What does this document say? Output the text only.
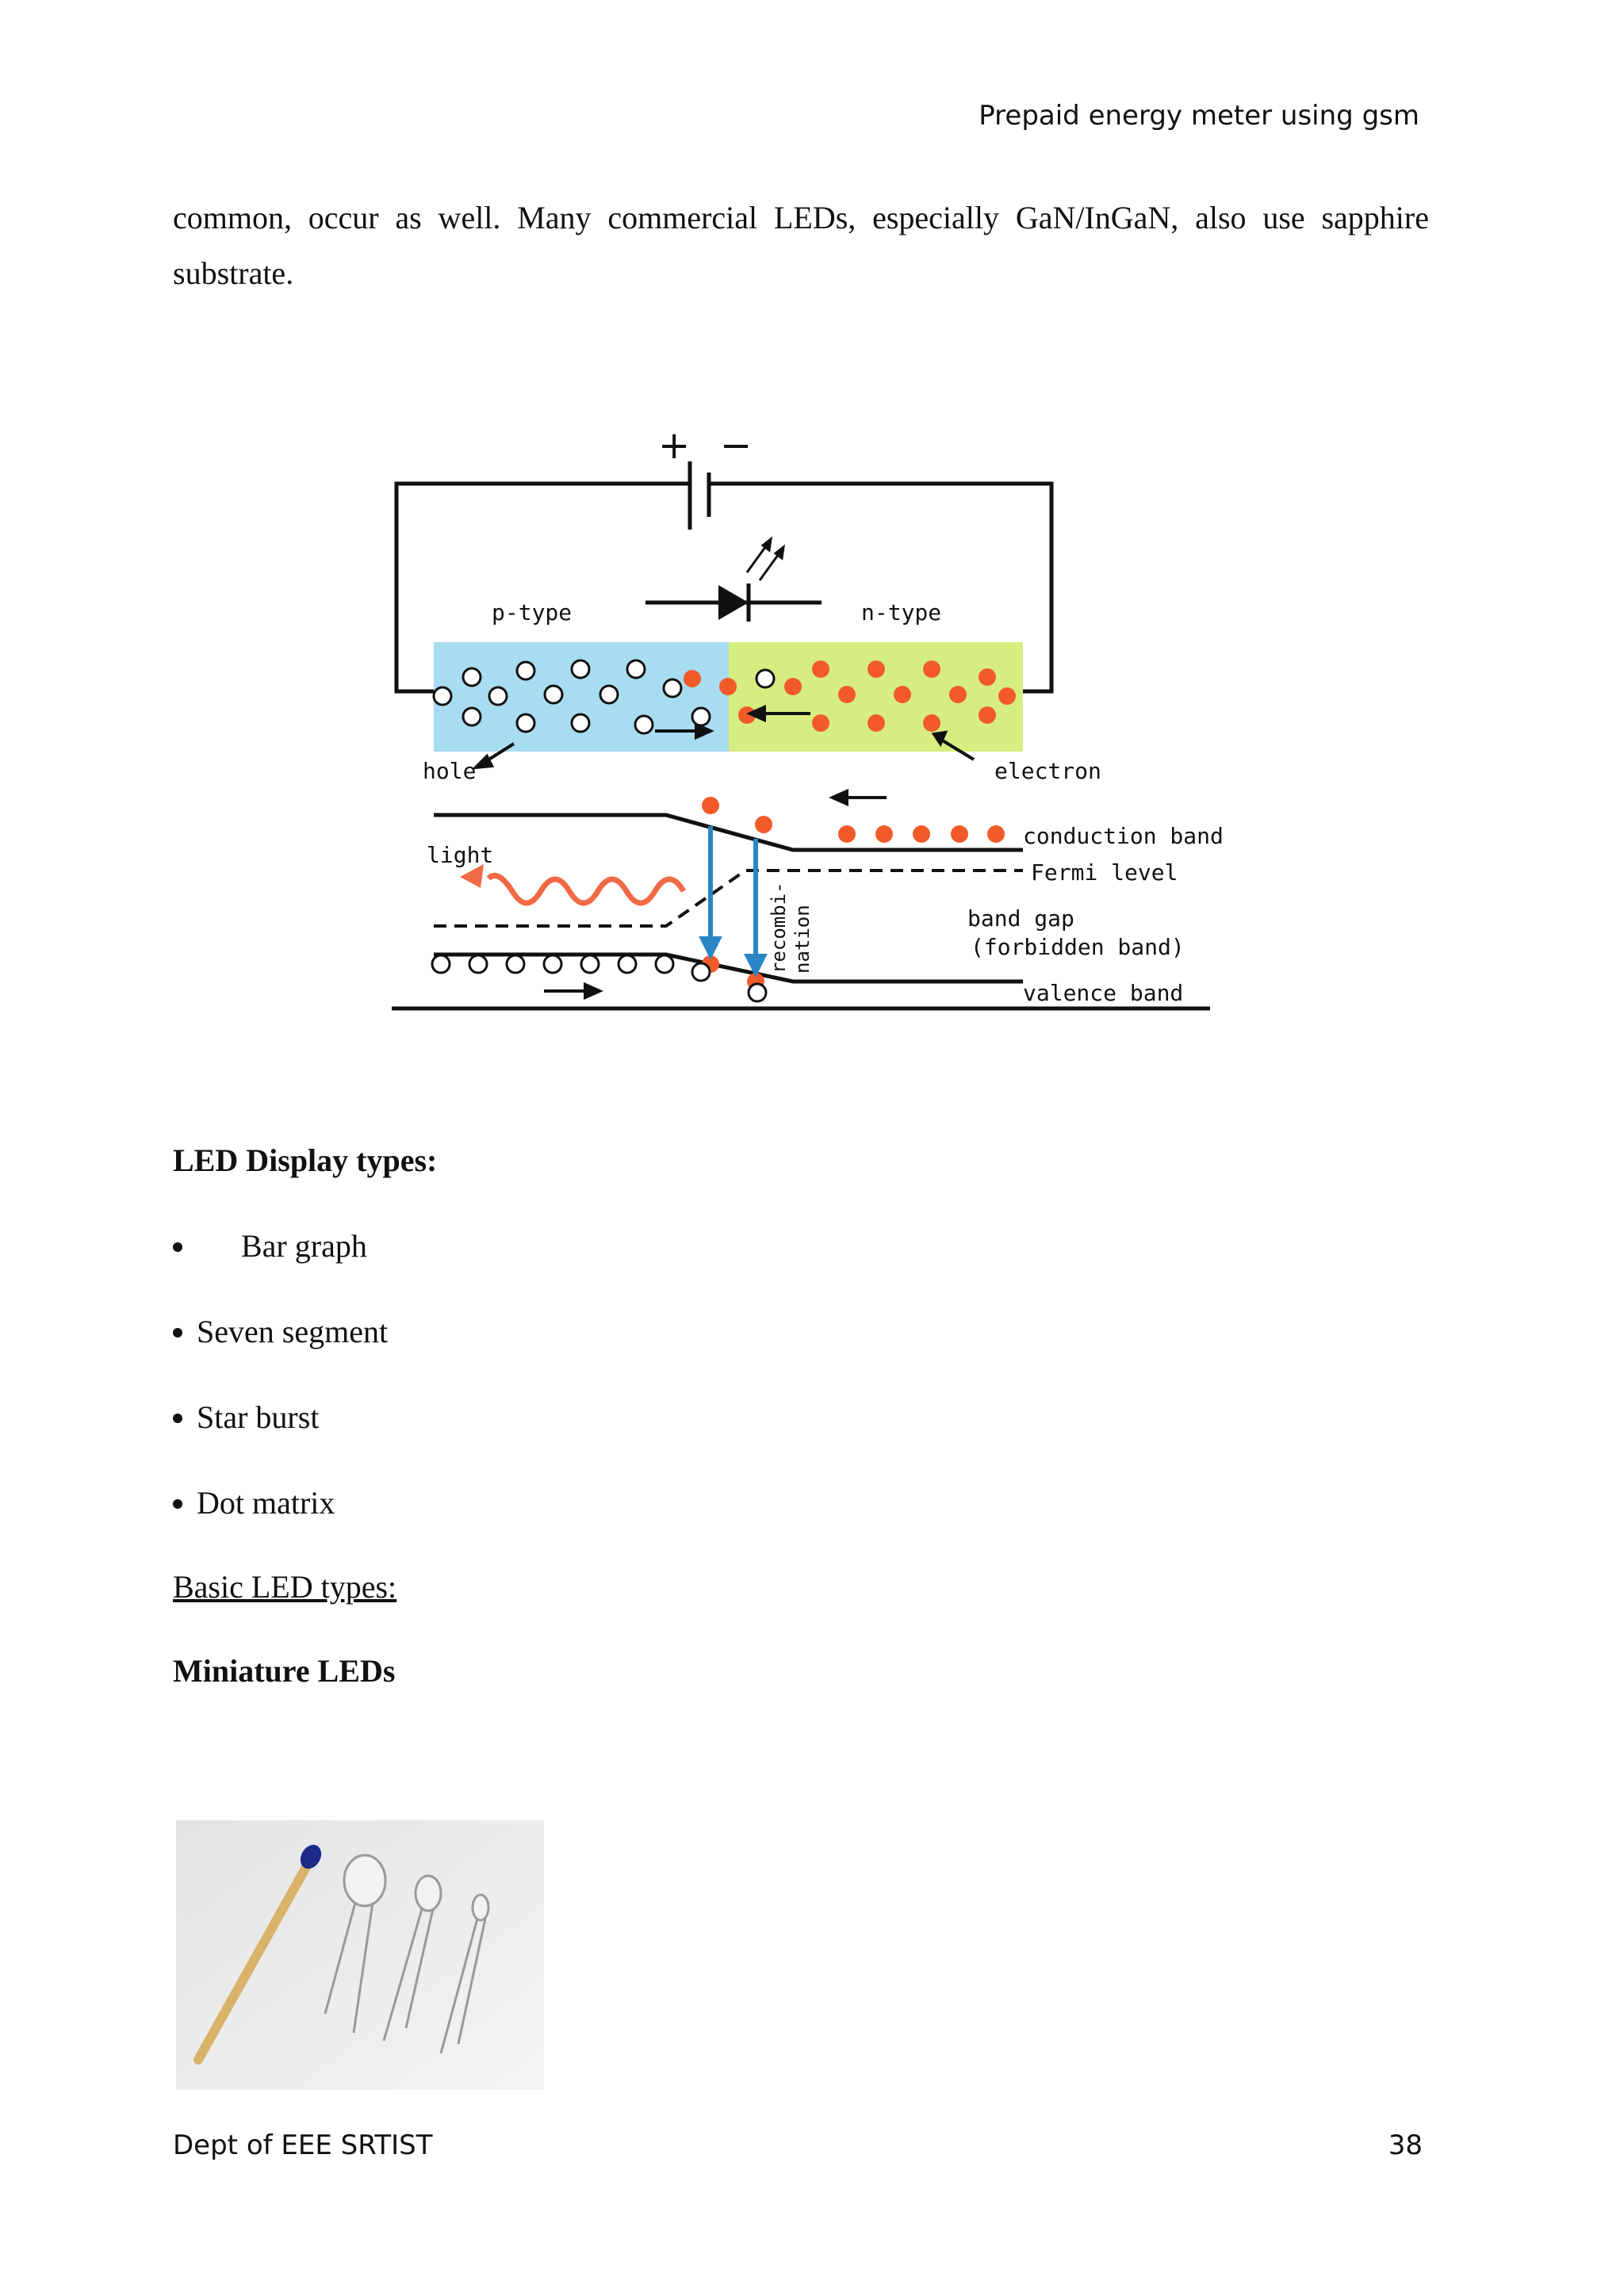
Prepaid energy meter using gsm
common, occur as well. Many commercial LEDs, especially GaN/InGaN, also use sapphire substrate.
+ −
p-type	n-type
hole	electron
recombi- nation
light
conduction band
Fermi level
band gap
(forbidden band)
valence band
LED Display types:
Bar graph
Seven segment
Star burst
Dot matrix
Basic LED types:
Miniature LEDs
Dept of EEE SRTIST	38
